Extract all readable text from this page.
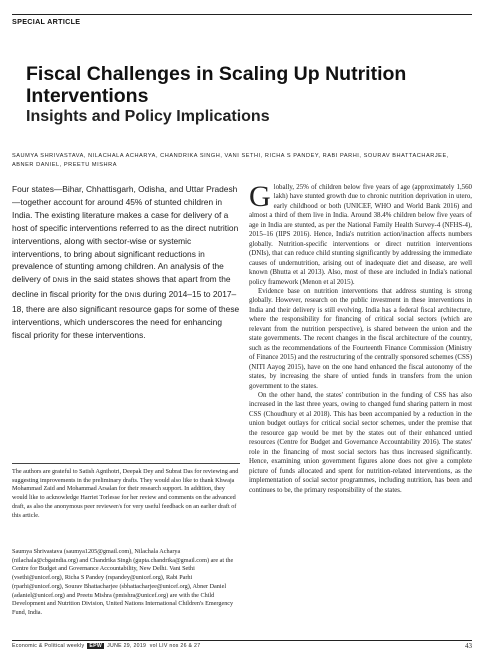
SPECIAL ARTICLE
Fiscal Challenges in Scaling Up Nutrition Interventions
Insights and Policy Implications

SAUMYA SHRIVASTAVA, NILACHALA ACHARYA, CHANDRIKA SINGH, VANI SETHI, RICHA S PANDEY, RABI PARHI, SOURAV BHATTACHARJEE, ABNER DANIEL, PREETU MISHRA

Four states—Bihar, Chhattisgarh, Odisha, and Uttar Pradesh—together account for around 45% of stunted children in India. The existing literature makes a case for delivery of a host of specific interventions referred to as the direct nutrition interventions, along with sector-wise or systemic interventions, to bring about significant reductions in prevalence of stunting among children. An analysis of the delivery of DNIs in the said states shows that apart from the decline in fiscal priority for the DNIs during 2014–15 to 2017–18, there are also significant resource gaps for some of these interventions, which underscores the need for enhancing fiscal priority for these interventions.

The authors are grateful to Satish Agnihotri, Deepak Dey and Subrat Das for reviewing and suggesting improvements in the preliminary drafts. They would also like to thank Khwaja Mohammad Zaid and Mohammad Arsalan for their research support. In addition, they would like to acknowledge Harriet Torlesse for her review and comments on the advanced draft, as also the anonymous peer reviewer/s for very useful feedback on an earlier draft of this article.

Saumya Shrivastava (saumya1205@gmail.com), Nilachala Acharya (nilachala@cbgaindia.org) and Chandrika Singh (gupta.chandrika@gmail.com) are at the Centre for Budget and Governance Accountability, New Delhi. Vani Sethi (vsethi@unicef.org), Richa S Pandey (rspandey@unicef.org), Rabi Parhi (rparhi@unicef.org), Sourav Bhattacharjee (sbhattacharjee@unicef.org), Abner Daniel (adaniel@unicef.org) and Preetu Mishra (pmishra@unicef.org) are with the Child Development and Nutrition Division, United Nations International Children's Emergency Fund, India.

Globally, 25% of children below five years of age (approximately 1,560 lakh) have stunted growth due to chronic nutrition deprivation in utero, early childhood or both (UNICEF, WHO and World Bank 2016) and almost a third of them live in India. Around 38.4% children below five years of age in India are stunted, as per the National Family Health Survey-4 (NFHS-4), 2015–16 (IIPS 2016). Hence, India's nutrition action/inaction affects numbers globally. Nutrition-specific interventions or direct nutrition interventions (DNIs), that can reduce child stunting significantly by addressing the immediate causes of undernutrition, arising out of inadequate diet and disease, are well known (Bhutta et al 2013). Also, most of these are included in India's national policy framework (Menon et al 2015).

Evidence base on nutrition interventions that address stunting is strong globally. However, research on the public investment in these interventions in India and their delivery is still evolving. India has a federal fiscal architecture, where the responsibility for financing of critical social sectors (which are relevant from the nutrition perspective), is shared between the union and the state governments. The recent changes in the fiscal architecture of the country, such as the recommendations of the Fourteenth Finance Commission (Ministry of Finance 2015) and the restructuring of the centrally sponsored schemes (CSS) (NITI Aayog 2015), have on the one hand enhanced the fiscal autonomy of the states, by increasing the share of untied funds in transfers from the union government to the states.

On the other hand, the states' contribution in the funding of CSS has also increased in the last three years, owing to changed fund sharing pattern in most CSS (Choudhury et al 2018). This has been accompanied by a reduction in the union budget outlays for critical social sector schemes, under the premise that the resource gap would be met by the states out of their enhanced untied resources (Centre for Budget and Governance Accountability 2016). The states' role in the financing of most social sectors has thus increased significantly. Hence, examining union government figures alone does not give a complete picture of funds allocated and spent for nutrition-related interventions, as the implementation of social sector programmes, including nutrition, has been and continues to be, the primary responsibility of the states.

Economic & Political weekly EPW JUNE 29, 2019 vol LIV nos 26 & 27	43
